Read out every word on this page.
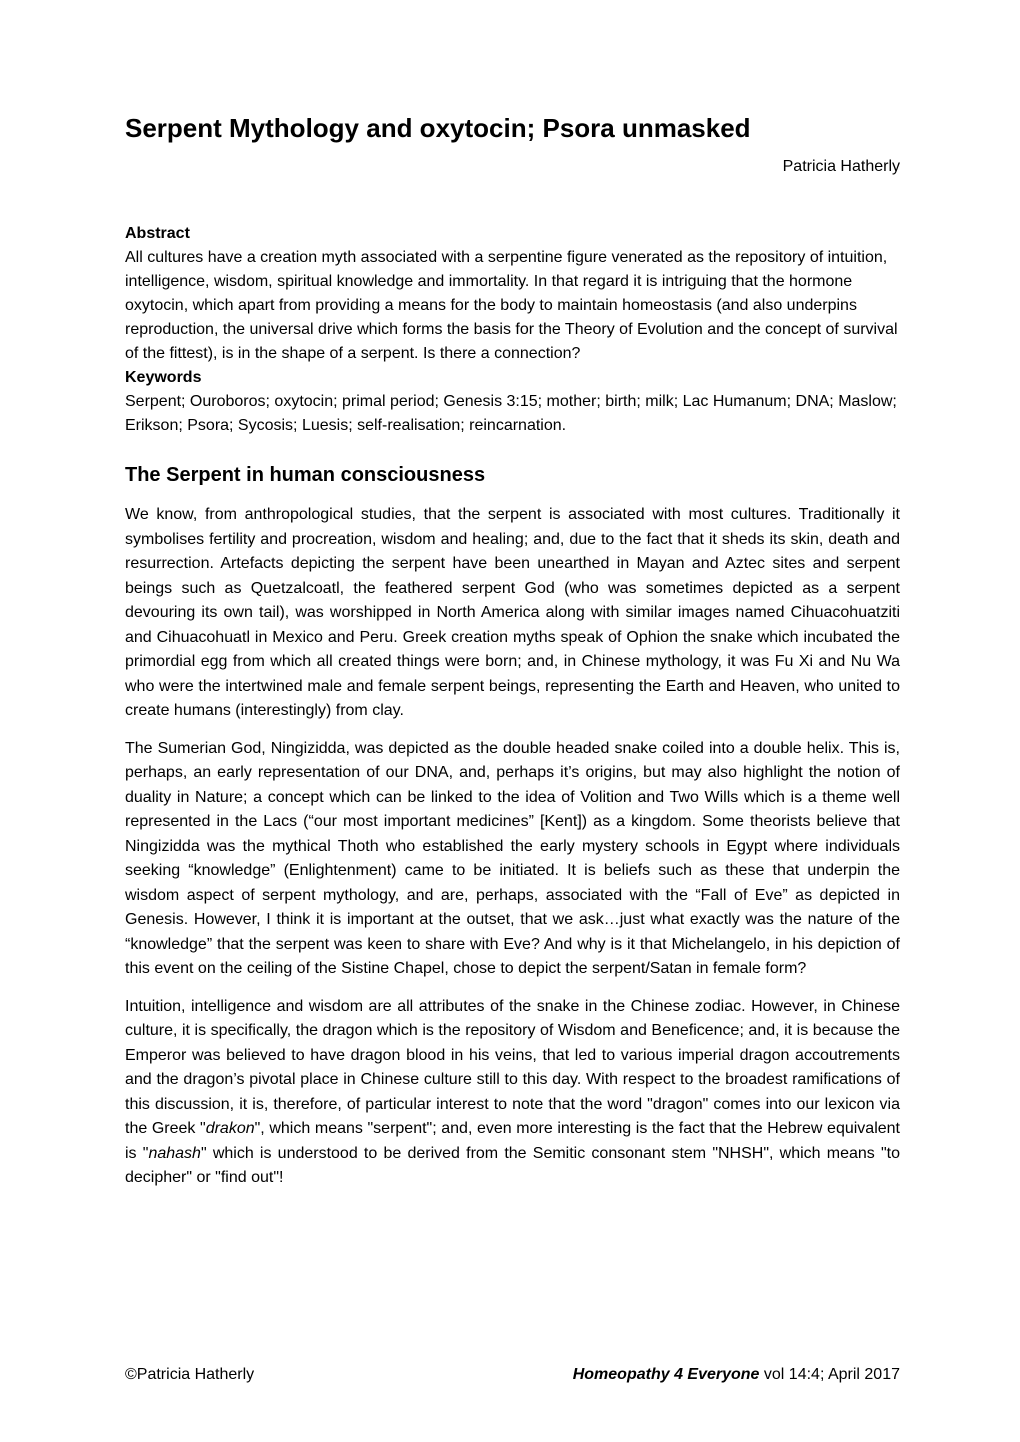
Serpent Mythology and oxytocin; Psora unmasked
Patricia Hatherly
Abstract

All cultures have a creation myth associated with a serpentine figure venerated as the repository of intuition, intelligence, wisdom, spiritual knowledge and immortality. In that regard it is intriguing that the hormone oxytocin, which apart from providing a means for the body to maintain homeostasis (and also underpins reproduction, the universal drive which forms the basis for the Theory of Evolution and the concept of survival of the fittest), is in the shape of a serpent. Is there a connection?

Keywords

Serpent; Ouroboros; oxytocin; primal period; Genesis 3:15; mother; birth; milk; Lac Humanum; DNA; Maslow; Erikson; Psora; Sycosis; Luesis; self-realisation; reincarnation.

The Serpent in human consciousness

We know, from anthropological studies, that the serpent is associated with most cultures. Traditionally it symbolises fertility and procreation, wisdom and healing; and, due to the fact that it sheds its skin, death and resurrection. Artefacts depicting the serpent have been unearthed in Mayan and Aztec sites and serpent beings such as Quetzalcoatl, the feathered serpent God (who was sometimes depicted as a serpent devouring its own tail), was worshipped in North America along with similar images named Cihuacohuatziti and Cihuacohuatl in Mexico and Peru. Greek creation myths speak of Ophion the snake which incubated the primordial egg from which all created things were born; and, in Chinese mythology, it was Fu Xi and Nu Wa who were the intertwined male and female serpent beings, representing the Earth and Heaven, who united to create humans (interestingly) from clay.

The Sumerian God, Ningizidda, was depicted as the double headed snake coiled into a double helix. This is, perhaps, an early representation of our DNA, and, perhaps it’s origins, but may also highlight the notion of duality in Nature; a concept which can be linked to the idea of Volition and Two Wills which is a theme well represented in the Lacs (“our most important medicines” [Kent]) as a kingdom. Some theorists believe that Ningizidda was the mythical Thoth who established the early mystery schools in Egypt where individuals seeking “knowledge” (Enlightenment) came to be initiated. It is beliefs such as these that underpin the wisdom aspect of serpent mythology, and are, perhaps, associated with the “Fall of Eve” as depicted in Genesis. However, I think it is important at the outset, that we ask…just what exactly was the nature of the “knowledge” that the serpent was keen to share with Eve? And why is it that Michelangelo, in his depiction of this event on the ceiling of the Sistine Chapel, chose to depict the serpent/Satan in female form?

Intuition, intelligence and wisdom are all attributes of the snake in the Chinese zodiac. However, in Chinese culture, it is specifically, the dragon which is the repository of Wisdom and Beneficence; and, it is because the Emperor was believed to have dragon blood in his veins, that led to various imperial dragon accoutrements and the dragon’s pivotal place in Chinese culture still to this day. With respect to the broadest ramifications of this discussion, it is, therefore, of particular interest to note that the word "dragon" comes into our lexicon via the Greek "drakon", which means "serpent"; and, even more interesting is the fact that the Hebrew equivalent is "nahash" which is understood to be derived from the Semitic consonant stem "NHSH", which means "to decipher" or "find out"!

©Patricia Hatherly	Homeopathy 4 Everyone vol 14:4; April 2017
